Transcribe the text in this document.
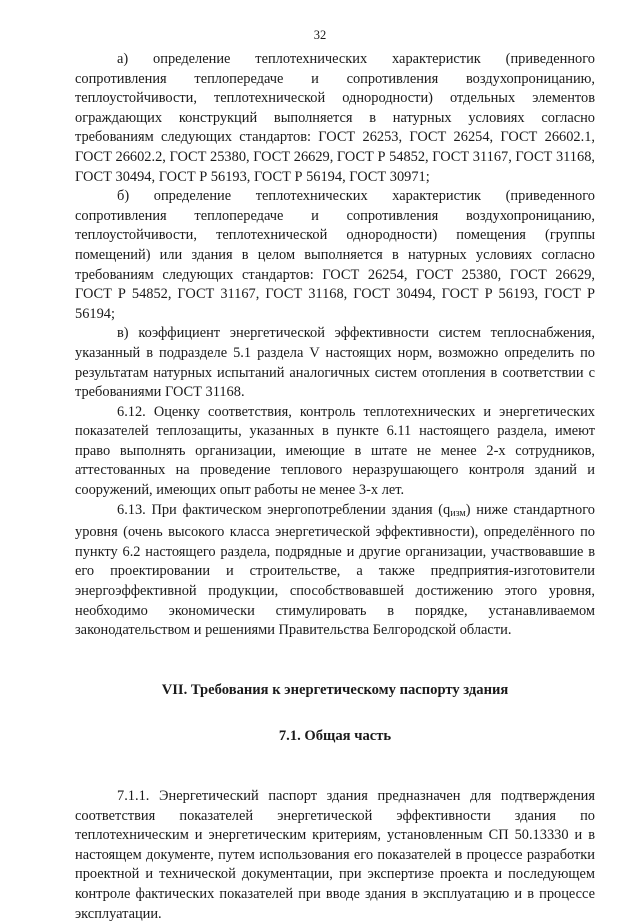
32

а) определение теплотехнических характеристик (приведенного сопротивления теплопередаче и сопротивления воздухопроницанию, теплоустойчивости, теплотехнической однородности) отдельных элементов ограждающих конструкций выполняется в натурных условиях согласно требованиям следующих стандартов: ГОСТ 26253, ГОСТ 26254, ГОСТ 26602.1, ГОСТ 26602.2, ГОСТ 25380, ГОСТ 26629, ГОСТ Р 54852, ГОСТ 31167, ГОСТ 31168, ГОСТ 30494, ГОСТ Р 56193, ГОСТ Р 56194, ГОСТ 30971;

б) определение теплотехнических характеристик (приведенного сопротивления теплопередаче и сопротивления воздухопроницанию, теплоустойчивости, теплотехнической однородности) помещения (группы помещений) или здания в целом выполняется в натурных условиях согласно требованиям следующих стандартов: ГОСТ 26254, ГОСТ 25380, ГОСТ 26629, ГОСТ Р 54852, ГОСТ 31167, ГОСТ 31168, ГОСТ 30494, ГОСТ Р 56193, ГОСТ Р 56194;

в) коэффициент энергетической эффективности систем теплоснабжения, указанный в подразделе 5.1 раздела V настоящих норм, возможно определить по результатам натурных испытаний аналогичных систем отопления в соответствии с требованиями ГОСТ 31168.

6.12. Оценку соответствия, контроль теплотехнических и энергетических показателей теплозащиты, указанных в пункте 6.11 настоящего раздела, имеют право выполнять организации, имеющие в штате не менее 2-х сотрудников, аттестованных на проведение теплового неразрушающего контроля зданий и сооружений, имеющих опыт работы не менее 3-х лет.

6.13. При фактическом энергопотреблении здания $(q_{изм})$ ниже стандартного уровня (очень высокого класса энергетической эффективности), определённого по пункту 6.2 настоящего раздела, подрядные и другие организации, участвовавшие в его проектировании и строительстве, а также предприятия-изготовители энергоэффективной продукции, способствовавшей достижению этого уровня, необходимо экономически стимулировать в порядке, устанавливаемом законодательством и решениями Правительства Белгородской области.

VII. Требования к энергетическому паспорту здания

7.1. Общая часть

7.1.1. Энергетический паспорт здания предназначен для подтверждения соответствия показателей энергетической эффективности здания по теплотехническим и энергетическим критериям, установленным СП 50.13330 и в настоящем документе, путем использования его показателей в процессе разработки проектной и технической документации, при экспертизе проекта и последующем контроле фактических показателей при вводе здания в эксплуатацию и в процессе эксплуатации.
